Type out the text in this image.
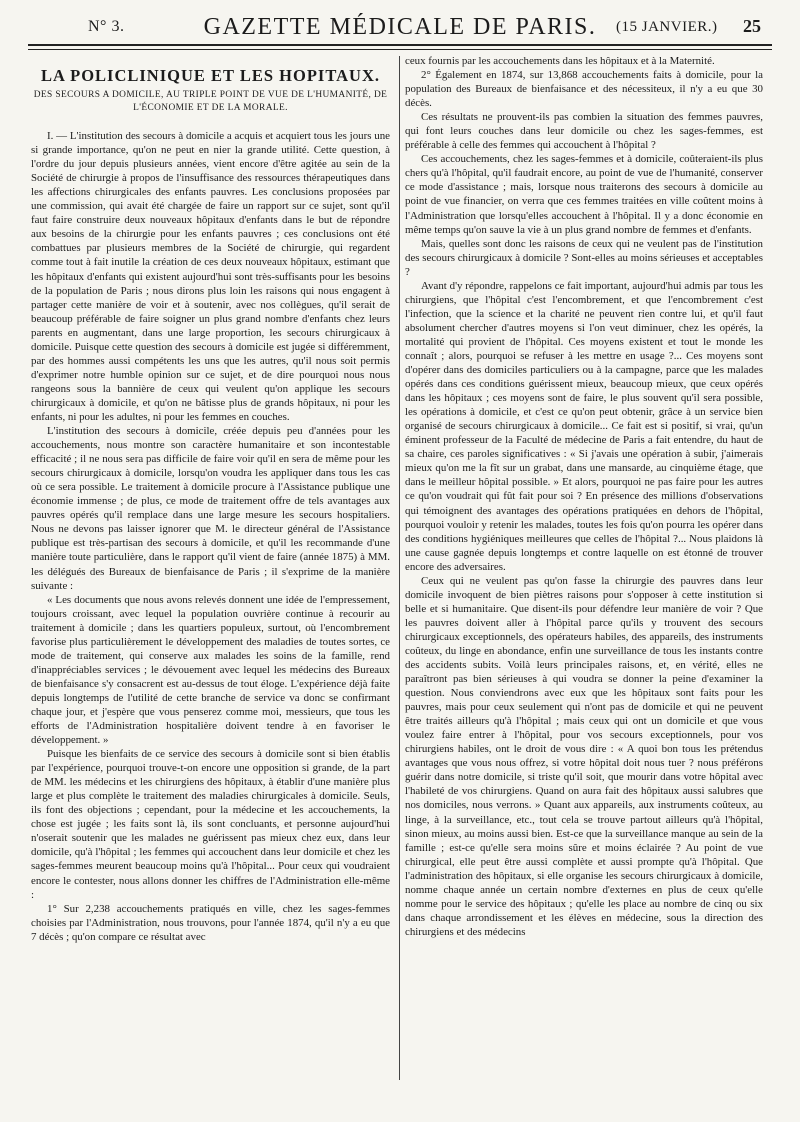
N° 3.	GAZETTE MÉDICALE DE PARIS.	(15 JANVIER.) 25
LA POLICLINIQUE ET LES HOPITAUX.
DES SECOURS A DOMICILE, AU TRIPLE POINT DE VUE DE L'HUMANITÉ, DE L'ÉCONOMIE ET DE LA MORALE.

I. — L'institution des secours à domicile a acquis et acquiert tous les jours une si grande importance, qu'on ne peut en nier la grande utilité. Cette question, à l'ordre du jour depuis plusieurs années, vient encore d'être agitée au sein de la Société de chirurgie à propos de l'insuffisance des ressources thérapeutiques dans les affections chirurgicales des enfants pauvres. Les conclusions proposées par une commission, qui avait été chargée de faire un rapport sur ce sujet, sont qu'il faut faire construire deux nouveaux hôpitaux d'enfants dans le but de répondre aux besoins de la chirurgie pour les enfants pauvres ; ces conclusions ont été combattues par plusieurs membres de la Société de chirurgie, qui regardent comme tout à fait inutile la création de ces deux nouveaux hôpitaux, estimant que les hôpitaux d'enfants qui existent aujourd'hui sont très-suffisants pour les besoins de la population de Paris ; nous dirons plus loin les raisons qui nous engagent à partager cette manière de voir et à soutenir, avec nos collègues, qu'il serait de beaucoup préférable de faire soigner un plus grand nombre d'enfants chez leurs parents en augmentant, dans une large proportion, les secours chirurgicaux à domicile. Puisque cette question des secours à domicile est jugée si différemment, par des hommes aussi compétents les uns que les autres, qu'il nous soit permis d'exprimer notre humble opinion sur ce sujet, et de dire pourquoi nous nous rangeons sous la bannière de ceux qui veulent qu'on applique les secours chirurgicaux à domicile, et qu'on ne bâtisse plus de grands hôpitaux, ni pour les enfants, ni pour les adultes, ni pour les femmes en couches.

L'institution des secours à domicile, créée depuis peu d'années pour les accouchements, nous montre son caractère humanitaire et son incontestable efficacité ; il ne nous sera pas difficile de faire voir qu'il en sera de même pour les secours chirurgicaux à domicile, lorsqu'on voudra les appliquer dans tous les cas où ce sera possible. Le traitement à domicile procure à l'Assistance publique une économie immense ; de plus, ce mode de traitement offre de tels avantages aux pauvres opérés qu'il remplace dans une large mesure les secours hospitaliers. Nous ne devons pas laisser ignorer que M. le directeur général de l'Assistance publique est très-partisan des secours à domicile, et qu'il les recommande d'une manière toute particulière, dans le rapport qu'il vient de faire (année 1875) à MM. les délégués des Bureaux de bienfaisance de Paris ; il s'exprime de la manière suivante :

« Les documents que nous avons relevés donnent une idée de l'empressement, toujours croissant, avec lequel la population ouvrière continue à recourir au traitement à domicile ; dans les quartiers populeux, surtout, où l'encombrement favorise plus particulièrement le développement des maladies de toutes sortes, ce mode de traitement, qui conserve aux malades les soins de la famille, rend d'inappréciables services ; le dévouement avec lequel les médecins des Bureaux de bienfaisance s'y consacrent est au-dessus de tout éloge. L'expérience déjà faite depuis longtemps de l'utilité de cette branche de service va donc se confirmant chaque jour, et j'espère que vous penserez comme moi, messieurs, que tous les efforts de l'Administration hospitalière doivent tendre à en favoriser le développement. »

Puisque les bienfaits de ce service des secours à domicile sont si bien établis par l'expérience, pourquoi trouve-t-on encore une opposition si grande, de la part de MM. les médecins et les chirurgiens des hôpitaux, à établir d'une manière plus large et plus complète le traitement des maladies chirurgicales à domicile. Seuls, ils font des objections ; cependant, pour la médecine et les accouchements, la chose est jugée ; les faits sont là, ils sont concluants, et personne aujourd'hui n'oserait soutenir que les malades ne guérissent pas mieux chez eux, dans leur domicile, qu'à l'hôpital ; les femmes qui accouchent dans leur domicile et chez les sages-femmes meurent beaucoup moins qu'à l'hôpital... Pour ceux qui voudraient encore le contester, nous allons donner les chiffres de l'Administration elle-même :

1° Sur 2,238 accouchements pratiqués en ville, chez les sages-femmes choisies par l'Administration, nous trouvons, pour l'année 1874, qu'il n'y a eu que 7 décès ; qu'on compare ce résultat avec

ceux fournis par les accouchements dans les hôpitaux et à la Maternité.

2° Également en 1874, sur 13,868 accouchements faits à domicile, pour la population des Bureaux de bienfaisance et des nécessiteux, il n'y a eu que 30 décès.

Ces résultats ne prouvent-ils pas combien la situation des femmes pauvres, qui font leurs couches dans leur domicile ou chez les sages-femmes, est préférable à celle des femmes qui accouchent à l'hôpital ?

Ces accouchements, chez les sages-femmes et à domicile, coûteraient-ils plus chers qu'à l'hôpital, qu'il faudrait encore, au point de vue de l'humanité, conserver ce mode d'assistance ; mais, lorsque nous traiterons des secours à domicile au point de vue financier, on verra que ces femmes traitées en ville coûtent moins à l'Administration que lorsqu'elles accouchent à l'hôpital. Il y a donc économie en même temps qu'on sauve la vie à un plus grand nombre de femmes et d'enfants.

Mais, quelles sont donc les raisons de ceux qui ne veulent pas de l'institution des secours chirurgicaux à domicile ? Sont-elles au moins sérieuses et acceptables ?

Avant d'y répondre, rappelons ce fait important, aujourd'hui admis par tous les chirurgiens, que l'hôpital c'est l'encombrement, et que l'encombrement c'est l'infection, que la science et la charité ne peuvent rien contre lui, et qu'il faut absolument chercher d'autres moyens si l'on veut diminuer, chez les opérés, la mortalité qui provient de l'hôpital. Ces moyens existent et tout le monde les connaît ; alors, pourquoi se refuser à les mettre en usage ?... Ces moyens sont d'opérer dans des domiciles particuliers ou à la campagne, parce que les malades opérés dans ces conditions guérissent mieux, beaucoup mieux, que ceux opérés dans les hôpitaux ; ces moyens sont de faire, le plus souvent qu'il sera possible, les opérations à domicile, et c'est ce qu'on peut obtenir, grâce à un service bien organisé de secours chirurgicaux à domicile... Ce fait est si positif, si vrai, qu'un éminent professeur de la Faculté de médecine de Paris a fait entendre, du haut de sa chaire, ces paroles significatives : « Si j'avais une opération à subir, j'aimerais mieux qu'on me la fît sur un grabat, dans une mansarde, au cinquième étage, que dans le meilleur hôpital possible. » Et alors, pourquoi ne pas faire pour les autres ce qu'on voudrait qui fût fait pour soi ? En présence des millions d'observations qui témoignent des avantages des opérations pratiquées en dehors de l'hôpital, pourquoi vouloir y retenir les malades, toutes les fois qu'on pourra les opérer dans des conditions hygiéniques meilleures que celles de l'hôpital ?... Nous plaidons là une cause gagnée depuis longtemps et contre laquelle on est étonné de trouver encore des adversaires.

Ceux qui ne veulent pas qu'on fasse la chirurgie des pauvres dans leur domicile invoquent de bien piètres raisons pour s'opposer à cette institution si belle et si humanitaire. Que disent-ils pour défendre leur manière de voir ? Que les pauvres doivent aller à l'hôpital parce qu'ils y trouvent des secours chirurgicaux exceptionnels, des opérateurs habiles, des appareils, des instruments coûteux, du linge en abondance, enfin une surveillance de tous les instants contre des accidents subits. Voilà leurs principales raisons, et, en vérité, elles ne paraîtront pas bien sérieuses à qui voudra se donner la peine d'examiner la question. Nous conviendrons avec eux que les hôpitaux sont faits pour les pauvres, mais pour ceux seulement qui n'ont pas de domicile et qui ne peuvent être traités ailleurs qu'à l'hôpital ; mais ceux qui ont un domicile et que vous voulez faire entrer à l'hôpital, pour vos secours exceptionnels, pour vos chirurgiens habiles, ont le droit de vous dire : « A quoi bon tous les prétendus avantages que vous nous offrez, si votre hôpital doit nous tuer ? nous préférons guérir dans notre domicile, si triste qu'il soit, que mourir dans votre hôpital avec l'habileté de vos chirurgiens. Quand on aura fait des hôpitaux aussi salubres que nos domiciles, nous verrons. » Quant aux appareils, aux instruments coûteux, au linge, à la surveillance, etc., tout cela se trouve partout ailleurs qu'à l'hôpital, sinon mieux, au moins aussi bien. Est-ce que la surveillance manque au sein de la famille ; est-ce qu'elle sera moins sûre et moins éclairée ? Au point de vue chirurgical, elle peut être aussi complète et aussi prompte qu'à l'hôpital. Que l'administration des hôpitaux, si elle organise les secours chirurgicaux à domicile, nomme chaque année un certain nombre d'externes en plus de ceux qu'elle nomme pour le service des hôpitaux ; qu'elle les place au nombre de cinq ou six dans chaque arrondissement et les élèves en médecine, sous la direction des chirurgiens et des médecins
